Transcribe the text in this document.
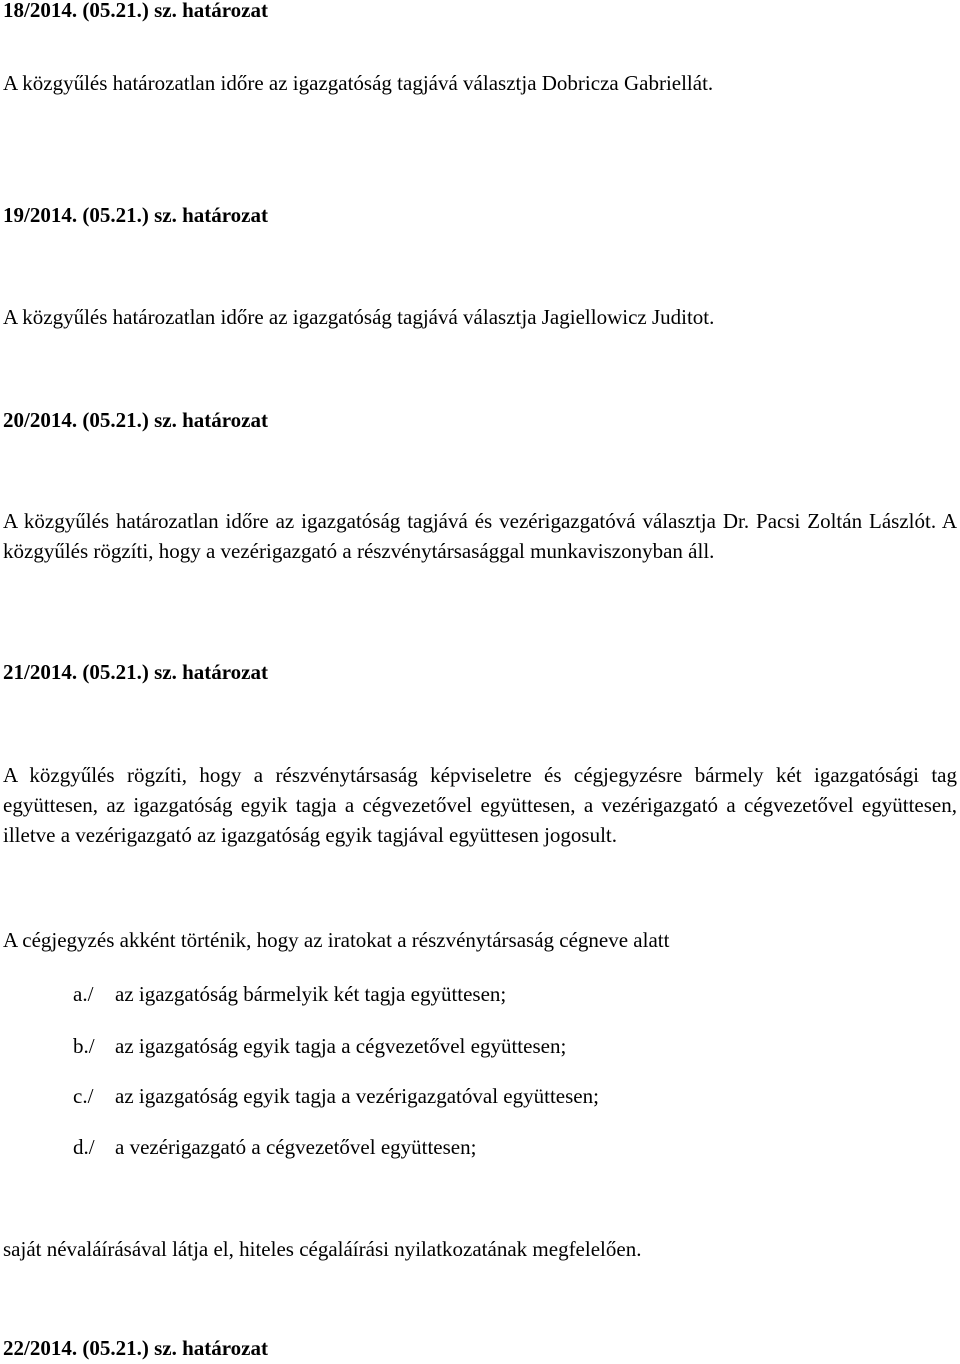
18/2014. (05.21.) sz. határozat
A közgyűlés határozatlan időre az igazgatóság tagjává választja Dobricza Gabriellát.
19/2014. (05.21.) sz. határozat
A közgyűlés határozatlan időre az igazgatóság tagjává választja Jagiellowicz Juditot.
20/2014. (05.21.) sz. határozat

A közgyűlés határozatlan időre az igazgatóság tagjává és vezérigazgatóvá választja Dr. Pacsi Zoltán Lászlót. A közgyűlés rögzíti, hogy a vezérigazgató a részvénytársasággal munkaviszonyban áll.

21/2014. (05.21.) sz. határozat

A közgyűlés rögzíti, hogy a részvénytársaság képviseletre és cégjegyzésre bármely két igazgatósági tag együttesen, az igazgatóság egyik tagja a cégvezetővel együttesen, a vezérigazgató a cégvezetővel együttesen, illetve a vezérigazgató az igazgatóság egyik tagjával együttesen jogosult.

A cégjegyzés akként történik, hogy az iratokat a részvénytársaság cégneve alatt
a./ az igazgatóság bármelyik két tagja együttesen;
b./ az igazgatóság egyik tagja a cégvezetővel együttesen;
c./ az igazgatóság egyik tagja a vezérigazgatóval együttesen;
d./ a vezérigazgató a cégvezetővel együttesen;
saját névaláírásával látja el, hiteles cégaláírási nyilatkozatának megfelelően.
22/2014. (05.21.) sz. határozat
